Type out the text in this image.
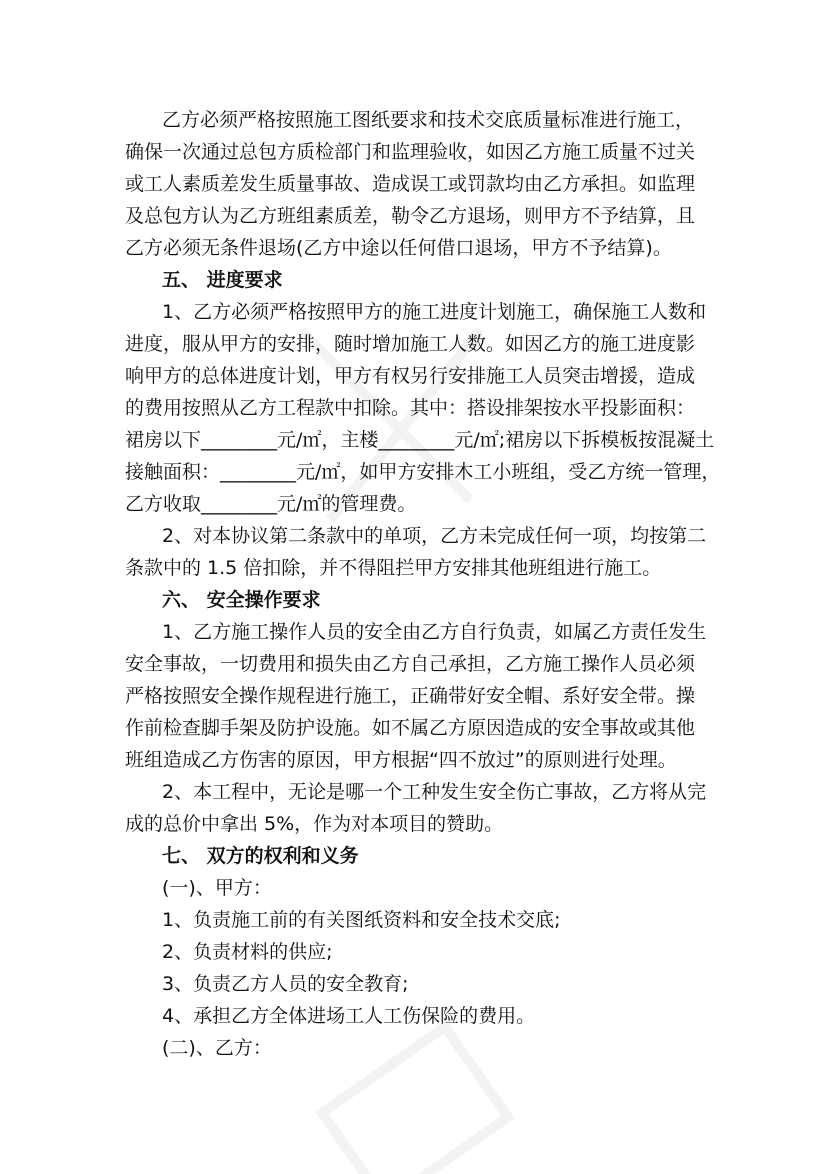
乙方必须严格按照施工图纸要求和技术交底质量标准进行施工，
确保一次通过总包方质检部门和监理验收，如因乙方施工质量不过关
或工人素质差发生质量事故、造成误工或罚款均由乙方承担。如监理
及总包方认为乙方班组素质差，勒令乙方退场，则甲方不予结算，且
乙方必须无条件退场(乙方中途以任何借口退场，甲方不予结算)。
五、 进度要求
1、乙方必须严格按照甲方的施工进度计划施工，确保施工人数和
进度，服从甲方的安排，随时增加施工人数。如因乙方的施工进度影
响甲方的总体进度计划，甲方有权另行安排施工人员突击增援，造成
的费用按照从乙方工程款中扣除。其中：搭设排架按水平投影面积：
裙房以下________元/㎡，主楼________元/㎡;裙房以下拆模板按混凝土
接触面积：________元/㎡，如甲方安排木工小班组，受乙方统一管理，
乙方收取________元/㎡的管理费。
2、对本协议第二条款中的单项，乙方未完成任何一项，均按第二
条款中的 1.5 倍扣除，并不得阻拦甲方安排其他班组进行施工。
六、 安全操作要求
1、乙方施工操作人员的安全由乙方自行负责，如属乙方责任发生
安全事故，一切费用和损失由乙方自己承担，乙方施工操作人员必须
严格按照安全操作规程进行施工，正确带好安全帽、系好安全带。操
作前检查脚手架及防护设施。如不属乙方原因造成的安全事故或其他
班组造成乙方伤害的原因，甲方根据“四不放过”的原则进行处理。
2、本工程中，无论是哪一个工种发生安全伤亡事故，乙方将从完
成的总价中拿出 5%，作为对本项目的赞助。
七、 双方的权利和义务
(一)、甲方：
1、负责施工前的有关图纸资料和安全技术交底;
2、负责材料的供应;
3、负责乙方人员的安全教育;
4、承担乙方全体进场工人工伤保险的费用。
(二)、乙方：
